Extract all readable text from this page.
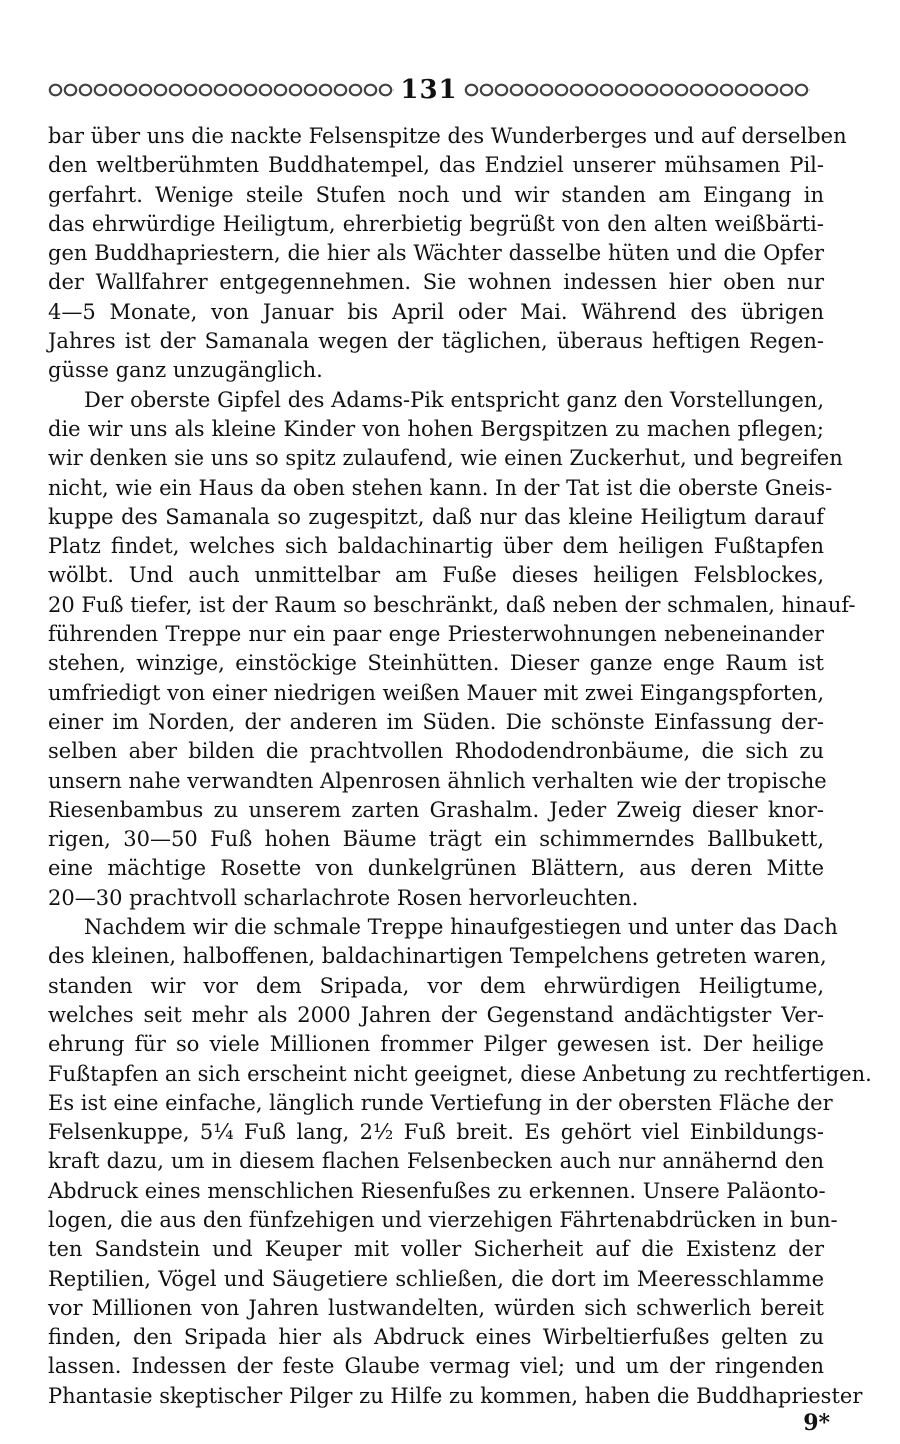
131
bar über uns die nackte Felsenspitze des Wunderberges und auf derselben
den weltberühmten Buddhatempel, das Endziel unserer mühsamen Pil-
gerfahrt. Wenige steile Stufen noch und wir standen am Eingang in
das ehrwürdige Heiligtum, ehrerbietig begrüßt von den alten weißbärti-
gen Buddhapriestern, die hier als Wächter dasselbe hüten und die Opfer
der Wallfahrer entgegennehmen. Sie wohnen indessen hier oben nur
4—5 Monate, von Januar bis April oder Mai. Während des übrigen
Jahres ist der Samanala wegen der täglichen, überaus heftigen Regen-
güsse ganz unzugänglich.
Der oberste Gipfel des Adams-Pik entspricht ganz den Vorstellungen,
die wir uns als kleine Kinder von hohen Bergspitzen zu machen pflegen;
wir denken sie uns so spitz zulaufend, wie einen Zuckerhut, und begreifen
nicht, wie ein Haus da oben stehen kann. In der Tat ist die oberste Gneis-
kuppe des Samanala so zugespitzt, daß nur das kleine Heiligtum darauf
Platz findet, welches sich baldachinartig über dem heiligen Fußtapfen
wölbt. Und auch unmittelbar am Fuße dieses heiligen Felsblockes,
20 Fuß tiefer, ist der Raum so beschränkt, daß neben der schmalen, hinauf-
führenden Treppe nur ein paar enge Priesterwohnungen nebeneinander
stehen, winzige, einstöckige Steinhütten. Dieser ganze enge Raum ist
umfriedigt von einer niedrigen weißen Mauer mit zwei Eingangspforten,
einer im Norden, der anderen im Süden. Die schönste Einfassung der-
selben aber bilden die prachtvollen Rhododendronbäume, die sich zu
unsern nahe verwandten Alpenrosen ähnlich verhalten wie der tropische
Riesenbambus zu unserem zarten Grashalm. Jeder Zweig dieser knor-
rigen, 30—50 Fuß hohen Bäume trägt ein schimmerndes Ballbukett,
eine mächtige Rosette von dunkelgrünen Blättern, aus deren Mitte
20—30 prachtvoll scharlachrote Rosen hervorleuchten.
Nachdem wir die schmale Treppe hinaufgestiegen und unter das Dach
des kleinen, halboffenen, baldachinartigen Tempelchens getreten waren,
standen wir vor dem Sripada, vor dem ehrwürdigen Heiligtume,
welches seit mehr als 2000 Jahren der Gegenstand andächtigster Ver-
ehrung für so viele Millionen frommer Pilger gewesen ist. Der heilige
Fußtapfen an sich erscheint nicht geeignet, diese Anbetung zu rechtfertigen.
Es ist eine einfache, länglich runde Vertiefung in der obersten Fläche der
Felsenkuppe, 5¼ Fuß lang, 2½ Fuß breit. Es gehört viel Einbildungs-
kraft dazu, um in diesem flachen Felsenbecken auch nur annähernd den
Abdruck eines menschlichen Riesenfußes zu erkennen. Unsere Paläonto-
logen, die aus den fünfzehigen und vierzehigen Fährtenabdrücken in bun-
ten Sandstein und Keuper mit voller Sicherheit auf die Existenz der
Reptilien, Vögel und Säugetiere schließen, die dort im Meeresschlamme
vor Millionen von Jahren lustwandelten, würden sich schwerlich bereit
finden, den Sripada hier als Abdruck eines Wirbeltierfußes gelten zu
lassen. Indessen der feste Glaube vermag viel; und um der ringenden
Phantasie skeptischer Pilger zu Hilfe zu kommen, haben die Buddhapriester
9*
